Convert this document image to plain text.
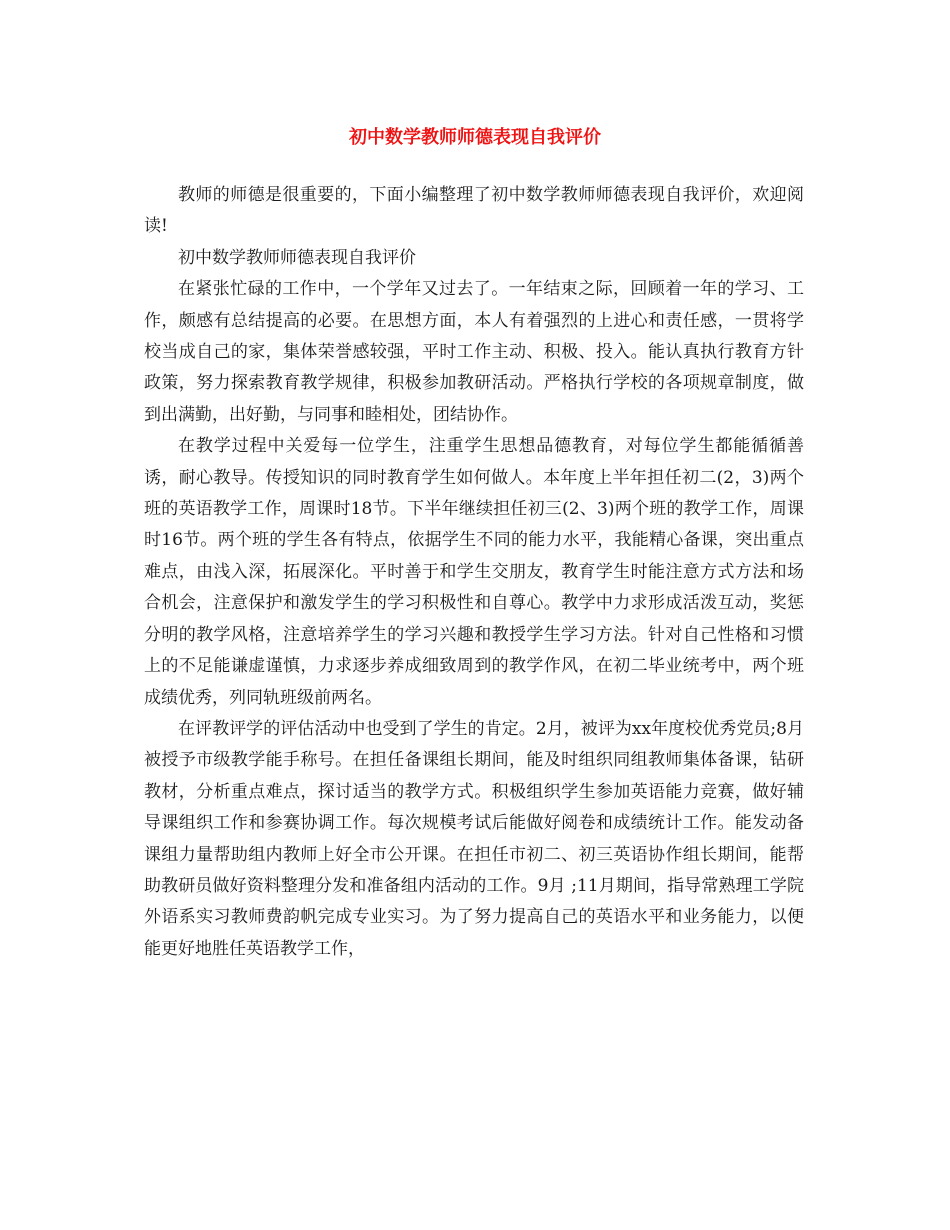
初中数学教师师德表现自我评价

教师的师德是很重要的，下面小编整理了初中数学教师师德表现自我评价，欢迎阅读!

初中数学教师师德表现自我评价

在紧张忙碌的工作中，一个学年又过去了。一年结束之际，回顾着一年的学习、工作，颇感有总结提高的必要。在思想方面，本人有着强烈的上进心和责任感，一贯将学校当成自己的家，集体荣誉感较强，平时工作主动、积极、投入。能认真执行教育方针政策，努力探索教育教学规律，积极参加教研活动。严格执行学校的各项规章制度，做到出满勤，出好勤，与同事和睦相处，团结协作。

在教学过程中关爱每一位学生，注重学生思想品德教育，对每位学生都能循循善诱，耐心教导。传授知识的同时教育学生如何做人。本年度上半年担任初二(2，3)两个班的英语教学工作，周课时18节。下半年继续担任初三(2、3)两个班的教学工作，周课时16节。两个班的学生各有特点，依据学生不同的能力水平，我能精心备课，突出重点难点，由浅入深，拓展深化。平时善于和学生交朋友，教育学生时能注意方式方法和场合机会，注意保护和激发学生的学习积极性和自尊心。教学中力求形成活泼互动，奖惩分明的教学风格，注意培养学生的学习兴趣和教授学生学习方法。针对自己性格和习惯上的不足能谦虚谨慎，力求逐步养成细致周到的教学作风，在初二毕业统考中，两个班成绩优秀，列同轨班级前两名。

在评教评学的评估活动中也受到了学生的肯定。2月，被评为xx年度校优秀党员;8月被授予市级教学能手称号。在担任备课组长期间，能及时组织同组教师集体备课，钻研教材，分析重点难点，探讨适当的教学方式。积极组织学生参加英语能力竞赛，做好辅导课组织工作和参赛协调工作。每次规模考试后能做好阅卷和成绩统计工作。能发动备课组力量帮助组内教师上好全市公开课。在担任市初二、初三英语协作组长期间，能帮助教研员做好资料整理分发和准备组内活动的工作。9月 ;11月期间，指导常熟理工学院外语系实习教师费韵帆完成专业实习。为了努力提高自己的英语水平和业务能力，以便能更好地胜任英语教学工作，
